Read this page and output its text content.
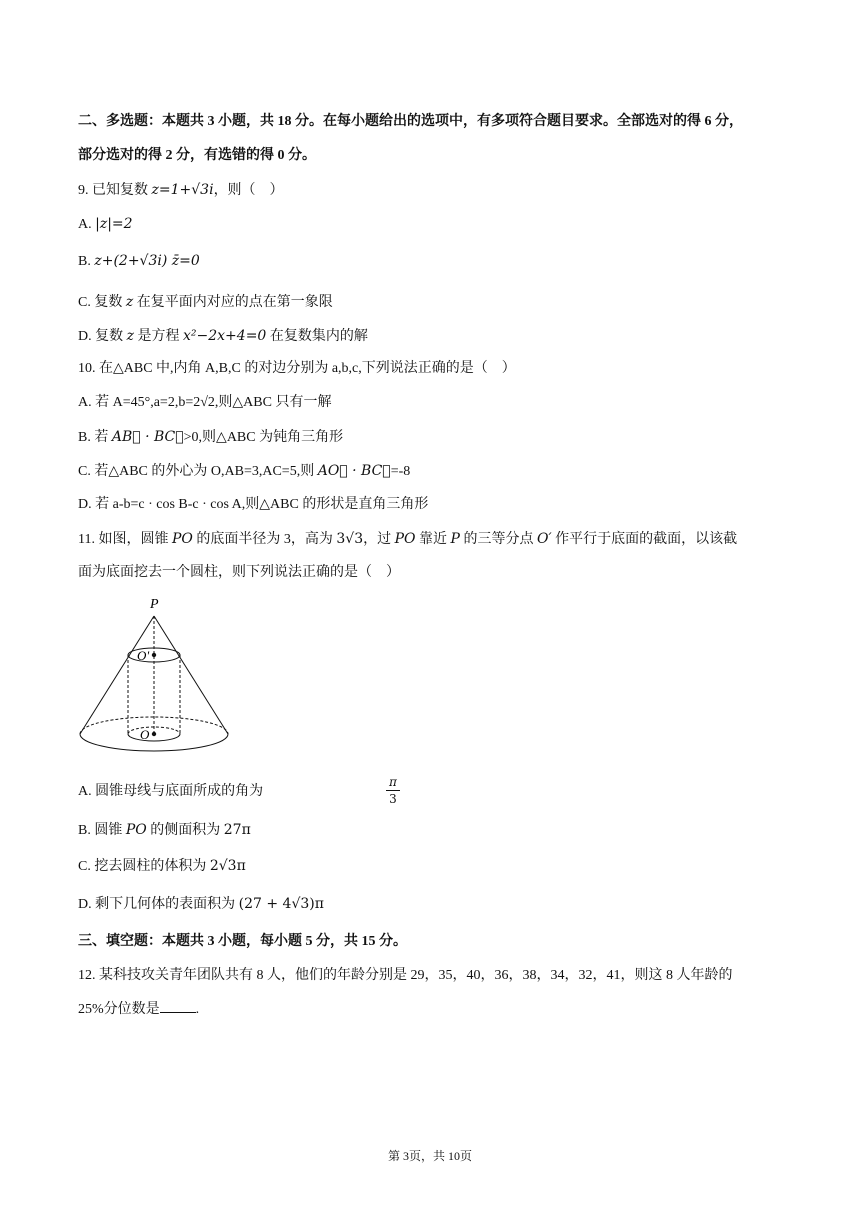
二、多选题：本题共 3 小题，共 18 分。在每小题给出的选项中，有多项符合题目要求。全部选对的得 6 分，
部分选对的得 2 分，有选错的得 0 分。
9. 已知复数 z=1+√3i，则（　）
A. |z|=2
B. z+(2+√3i) z̄=0
C. 复数 z 在复平面内对应的点在第一象限
D. 复数 z 是方程 x²−2x+4=0 在复数集内的解
10. 在△ABC 中,内角 A,B,C 的对边分别为 a,b,c,下列说法正确的是（　）
A. 若 A=45°,a=2,b=2√2,则△ABC 只有一解
B. 若 AB⃗ · BC⃗>0,则△ABC 为钝角三角形
C. 若△ABC 的外心为 O,AB=3,AC=5,则 AO⃗ · BC⃗=-8
D. 若 a-b=c · cos B-c · cos A,则△ABC 的形状是直角三角形
11. 如图，圆锥 PO 的底面半径为 3，高为 3√3，过 PO 靠近 P 的三等分点 O′ 作平行于底面的截面，以该截
面为底面挖去一个圆柱，则下列说法正确的是（　）
P
O'
O
A. 圆锥母线与底面所成的角为
π
3
B. 圆锥 PO 的侧面积为 27π
C. 挖去圆柱的体积为 2√3π
D. 剩下几何体的表面积为 (27 + 4√3)π
三、填空题：本题共 3 小题，每小题 5 分，共 15 分。
12. 某科技攻关青年团队共有 8 人，他们的年龄分别是 29，35，40，36，38，34，32，41，则这 8 人年龄的
25%分位数是	.
第 3页，共 10页
